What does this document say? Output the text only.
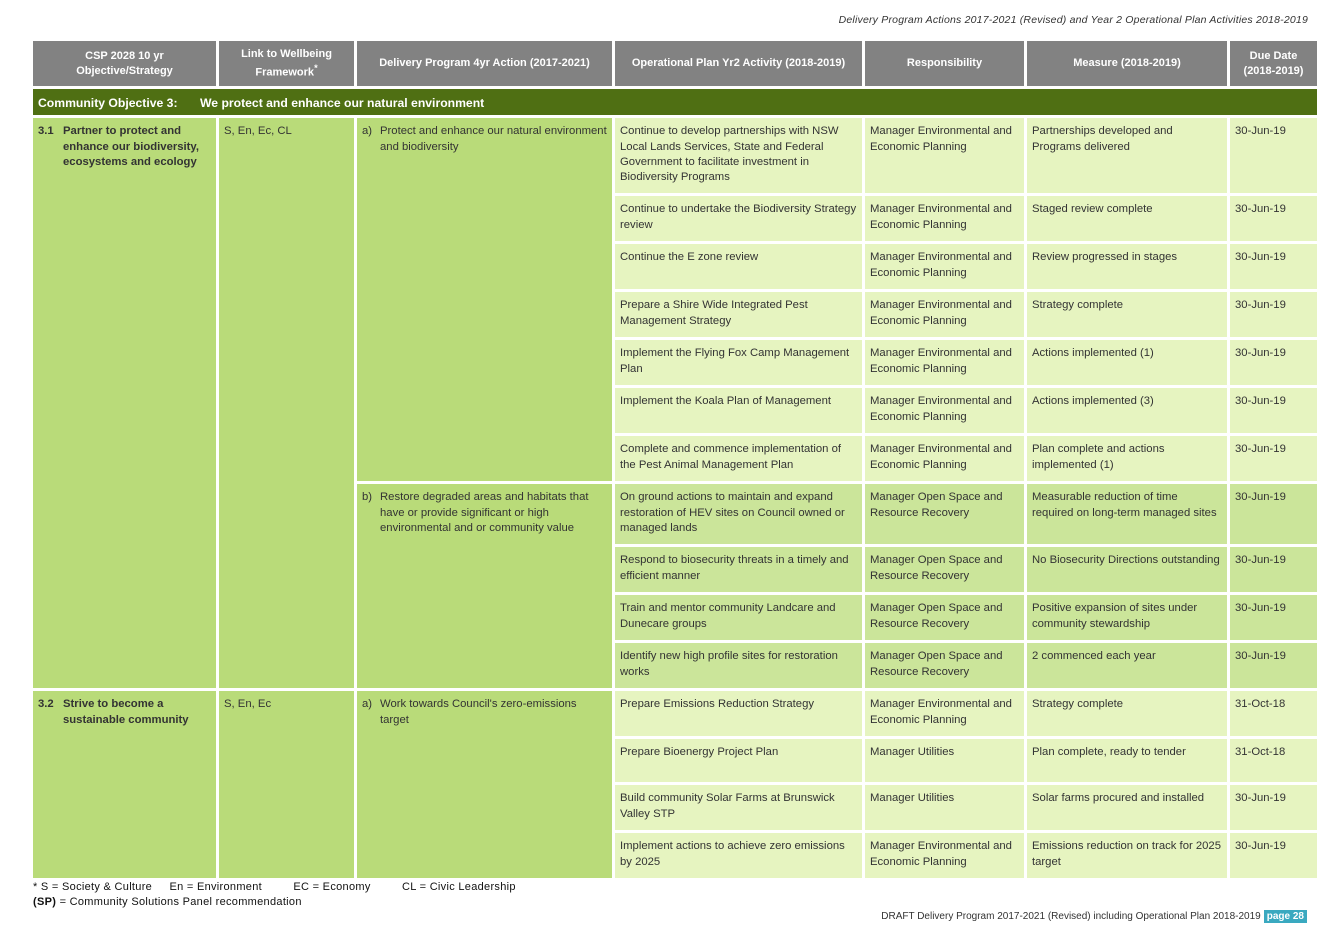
Delivery Program Actions 2017-2021 (Revised) and Year 2 Operational Plan Activities 2018-2019
CSP 2028 10 yr Objective/Strategy	Link to Wellbeing Framework*	Delivery Program 4yr Action (2017-2021)	Operational Plan Yr2 Activity (2018-2019)	Responsibility	Measure (2018-2019)	Due Date (2018-2019)
Community Objective 3: We protect and enhance our natural environment						

3.1 Partner to protect and enhance our biodiversity, ecosystems and ecology	S, En, Ec, CL	a) Protect and enhance our natural environment and biodiversity	Continue to develop partnerships with NSW Local Lands Services, State and Federal Government to facilitate investment in Biodiversity Programs	Manager Environmental and Economic Planning	Partnerships developed and Programs delivered	30-Jun-19
			Continue to undertake the Biodiversity Strategy review	Manager Environmental and Economic Planning	Staged review complete	30-Jun-19
			Continue the E zone review	Manager Environmental and Economic Planning	Review progressed in stages	30-Jun-19
			Prepare a Shire Wide Integrated Pest Management Strategy	Manager Environmental and Economic Planning	Strategy complete	30-Jun-19
			Implement the Flying Fox Camp Management Plan	Manager Environmental and Economic Planning	Actions implemented (1)	30-Jun-19
			Implement the Koala Plan of Management	Manager Environmental and Economic Planning	Actions implemented (3)	30-Jun-19
			Complete and commence implementation of the Pest Animal Management Plan	Manager Environmental and Economic Planning	Plan complete and actions implemented (1)	30-Jun-19

		b) Restore degraded areas and habitats that have or provide significant or high environmental and or community value	On ground actions to maintain and expand restoration of HEV sites on Council owned or managed lands	Manager Open Space and Resource Recovery	Measurable reduction of time required on long-term managed sites	30-Jun-19
			Respond to biosecurity threats in a timely and efficient manner	Manager Open Space and Resource Recovery	No Biosecurity Directions outstanding	30-Jun-19
			Train and mentor community Landcare and Dunecare groups	Manager Open Space and Resource Recovery	Positive expansion of sites under community stewardship	30-Jun-19
			Identify new high profile sites for restoration works	Manager Open Space and Resource Recovery	2 commenced each year	30-Jun-19

3.2 Strive to become a sustainable community	S, En, Ec	a) Work towards Council's zero-emissions target	Prepare Emissions Reduction Strategy	Manager Environmental and Economic Planning	Strategy complete	31-Oct-18
			Prepare Bioenergy Project Plan	Manager Utilities	Plan complete, ready to tender	31-Oct-18
			Build community Solar Farms at Brunswick Valley STP	Manager Utilities	Solar farms procured and installed	30-Jun-19
			Implement actions to achieve zero emissions by 2025	Manager Environmental and Economic Planning	Emissions reduction on track for 2025 target	30-Jun-19
* S = Society & Culture En = Environment	EC = Economy	CL = Civic Leadership
(SP) = Community Solutions Panel recommendation
DRAFT Delivery Program 2017-2021 (Revised) including Operational Plan 2018-2019 page 28
